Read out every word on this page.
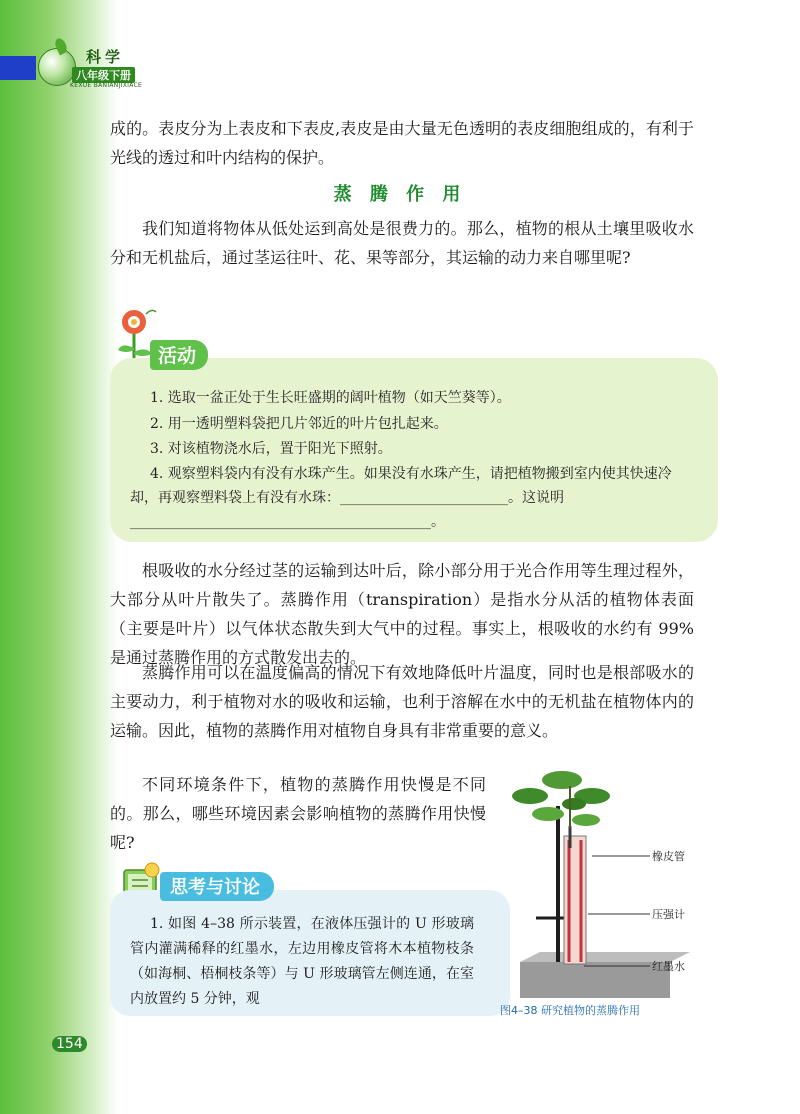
科学
八年级下册
KEXUE BANIANJIXIACE
成的。表皮分为上表皮和下表皮,表皮是由大量无色透明的表皮细胞组成的，有利于光线的透过和叶内结构的保护。
蒸 腾 作 用
我们知道将物体从低处运到高处是很费力的。那么，植物的根从土壤里吸收水分和无机盐后，通过茎运往叶、花、果等部分，其运输的动力来自哪里呢?
活动
1. 选取一盆正处于生长旺盛期的阔叶植物（如天竺葵等）。
2. 用一透明塑料袋把几片邻近的叶片包扎起来。
3. 对该植物浇水后，置于阳光下照射。
4. 观察塑料袋内有没有水珠产生。如果没有水珠产生，请把植物搬到室内使其快速冷却，再观察塑料袋上有没有水珠：________________________。这说明 ___________________________________________。
根吸收的水分经过茎的运输到达叶后，除小部分用于光合作用等生理过程外，大部分从叶片散失了。蒸腾作用（transpiration）是指水分从活的植物体表面（主要是叶片）以气体状态散失到大气中的过程。事实上，根吸收的水约有 99% 是通过蒸腾作用的方式散发出去的。
蒸腾作用可以在温度偏高的情况下有效地降低叶片温度，同时也是根部吸水的主要动力，利于植物对水的吸收和运输，也利于溶解在水中的无机盐在植物体内的运输。因此，植物的蒸腾作用对植物自身具有非常重要的意义。
不同环境条件下，植物的蒸腾作用快慢是不同的。那么，哪些环境因素会影响植物的蒸腾作用快慢呢?
思考与讨论
1. 如图 4–38 所示装置，在液体压强计的 U 形玻璃管内灌满稀释的红墨水，左边用橡皮管将木本植物枝条（如海桐、梧桐枝条等）与 U 形玻璃管左侧连通，在室内放置约 5 分钟，观
橡皮管
压强计
红墨水
图4–38 研究植物的蒸腾作用
154
